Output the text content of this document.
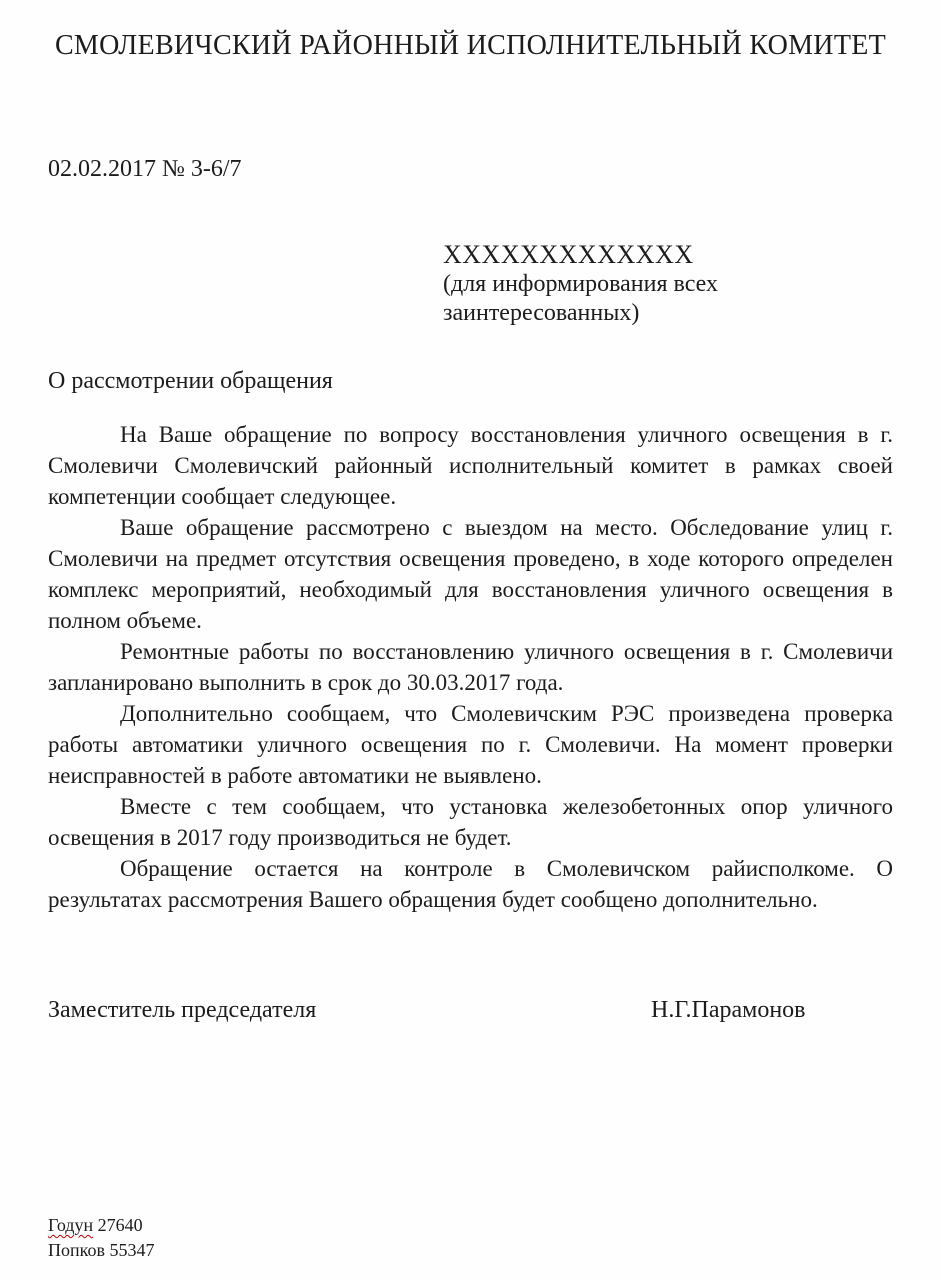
СМОЛЕВИЧСКИЙ РАЙОННЫЙ ИСПОЛНИТЕЛЬНЫЙ КОМИТЕТ
02.02.2017 № 3-6/7
ХХХХХХХХХХХХХ
(для информирования всех заинтересованных)
О рассмотрении обращения

На Ваше обращение по вопросу восстановления уличного освещения в г. Смолевичи Смолевичский районный исполнительный комитет в рамках своей компетенции сообщает следующее.

Ваше обращение рассмотрено с выездом на место. Обследование улиц г. Смолевичи на предмет отсутствия освещения проведено, в ходе которого определен комплекс мероприятий, необходимый для восстановления уличного освещения в полном объеме.

Ремонтные работы по восстановлению уличного освещения в г. Смолевичи запланировано выполнить в срок до 30.03.2017 года.

Дополнительно сообщаем, что Смолевичским РЭС произведена проверка работы автоматики уличного освещения по г. Смолевичи. На момент проверки неисправностей в работе автоматики не выявлено.

Вместе с тем сообщаем, что установка железобетонных опор уличного освещения в 2017 году производиться не будет.

Обращение остается на контроле в Смолевичском райисполкоме. О результатах рассмотрения Вашего обращения будет сообщено дополнительно.

Заместитель председателя	Н.Г.Парамонов
Годун 27640
Попков 55347
